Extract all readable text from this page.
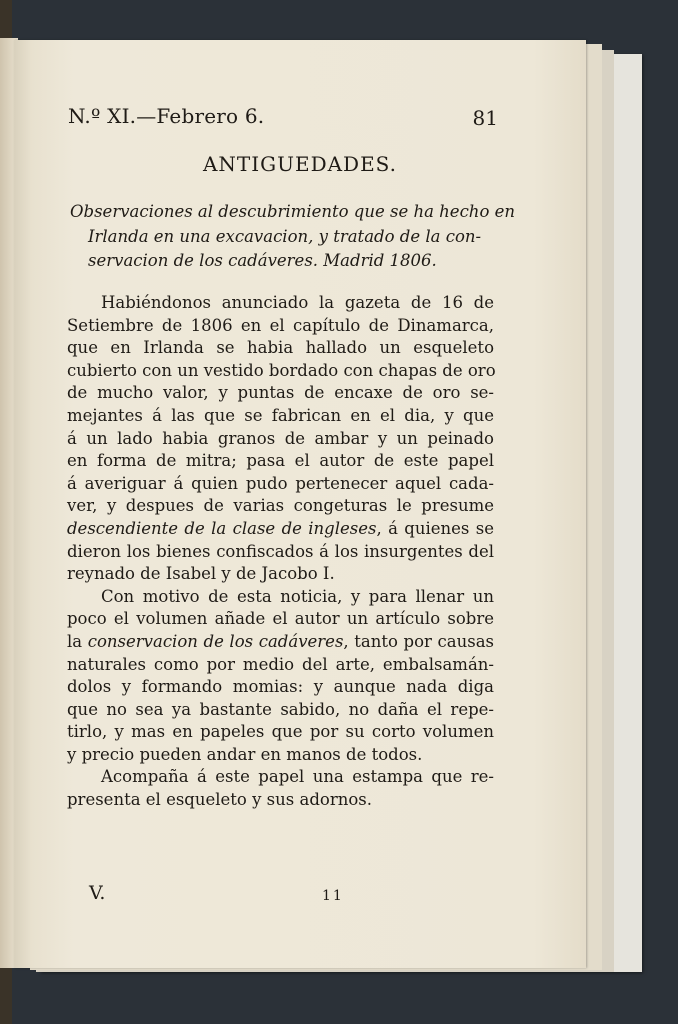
N.º XI.—Febrero 6.	81
ANTIGUEDADES.

Observaciones al descubrimiento que se ha hecho en

Irlanda en una excavacion, y tratado de la con-

servacion de los cadáveres. Madrid 1806.

Habiéndonos anunciado la gazeta de 16 de

Setiembre de 1806 en el capítulo de Dinamarca,

que en Irlanda se habia hallado un esqueleto

cubierto con un vestido bordado con chapas de oro

de mucho valor, y puntas de encaxe de oro se-

mejantes á las que se fabrican en el dia, y que

á un lado habia granos de ambar y un peinado

en forma de mitra; pasa el autor de este papel

á averiguar á quien pudo pertenecer aquel cada-

ver, y despues de varias congeturas le presume

descendiente de la clase de ingleses, á quienes se

dieron los bienes confiscados á los insurgentes del

reynado de Isabel y de Jacobo I.

Con motivo de esta noticia, y para llenar un

poco el volumen añade el autor un artículo sobre

la conservacion de los cadáveres, tanto por causas

naturales como por medio del arte, embalsamán-

dolos y formando momias: y aunque nada diga

que no sea ya bastante sabido, no daña el repe-

tirlo, y mas en papeles que por su corto volumen

y precio pueden andar en manos de todos.

Acompaña á este papel una estampa que re-

presenta el esqueleto y sus adornos.

V.	11
